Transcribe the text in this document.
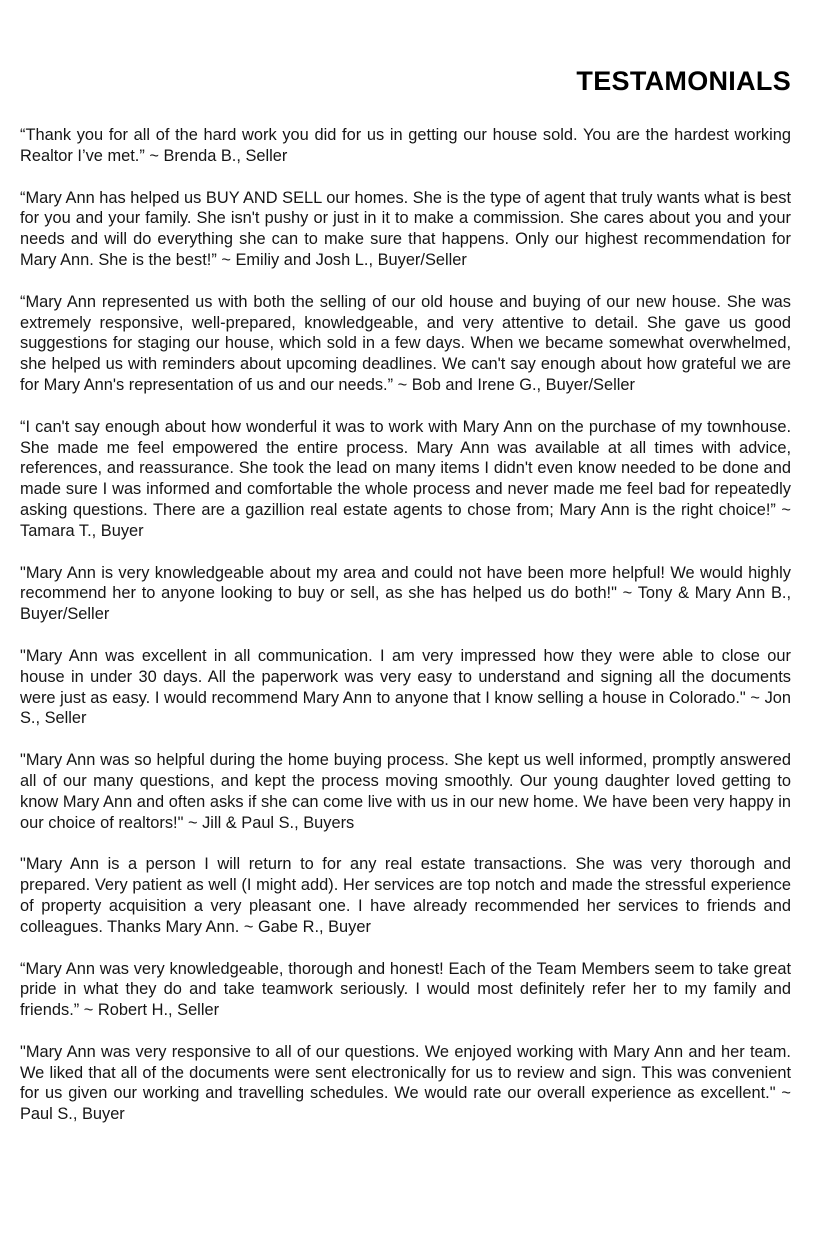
TESTAMONIALS

“Thank you for all of the hard work you did for us in getting our house sold. You are the hardest working Realtor I’ve met.” ~ Brenda B., Seller

“Mary Ann has helped us BUY AND SELL our homes. She is the type of agent that truly wants what is best for you and your family. She isn't pushy or just in it to make a commission. She cares about you and your needs and will do everything she can to make sure that happens. Only our highest recommendation for Mary Ann. She is the best!” ~ Emiliy and Josh L., Buyer/Seller

“Mary Ann represented us with both the selling of our old house and buying of our new house. She was extremely responsive, well-prepared, knowledgeable, and very attentive to detail. She gave us good suggestions for staging our house, which sold in a few days. When we became somewhat overwhelmed, she helped us with reminders about upcoming deadlines. We can't say enough about how grateful we are for Mary Ann's representation of us and our needs.” ~ Bob and Irene G., Buyer/Seller

“I can't say enough about how wonderful it was to work with Mary Ann on the purchase of my townhouse. She made me feel empowered the entire process. Mary Ann was available at all times with advice, references, and reassurance. She took the lead on many items I didn't even know needed to be done and made sure I was informed and comfortable the whole process and never made me feel bad for repeatedly asking questions. There are a gazillion real estate agents to chose from; Mary Ann is the right choice!” ~ Tamara T., Buyer

"Mary Ann is very knowledgeable about my area and could not have been more helpful! We would highly recommend her to anyone looking to buy or sell, as she has helped us do both!" ~ Tony & Mary Ann B., Buyer/Seller

"Mary Ann was excellent in all communication. I am very impressed how they were able to close our house in under 30 days. All the paperwork was very easy to understand and signing all the documents were just as easy. I would recommend Mary Ann to anyone that I know selling a house in Colorado." ~ Jon S., Seller

"Mary Ann was so helpful during the home buying process. She kept us well informed, promptly answered all of our many questions, and kept the process moving smoothly. Our young daughter loved getting to know Mary Ann and often asks if she can come live with us in our new home. We have been very happy in our choice of realtors!" ~ Jill & Paul S., Buyers

"Mary Ann is a person I will return to for any real estate transactions. She was very thorough and prepared. Very patient as well (I might add). Her services are top notch and made the stressful experience of property acquisition a very pleasant one. I have already recommended her services to friends and colleagues. Thanks Mary Ann. ~ Gabe R., Buyer

“Mary Ann was very knowledgeable, thorough and honest! Each of the Team Members seem to take great pride in what they do and take teamwork seriously. I would most definitely refer her to my family and friends.” ~ Robert H., Seller

"Mary Ann was very responsive to all of our questions. We enjoyed working with Mary Ann and her team. We liked that all of the documents were sent electronically for us to review and sign. This was convenient for us given our working and travelling schedules. We would rate our overall experience as excellent." ~ Paul S., Buyer
